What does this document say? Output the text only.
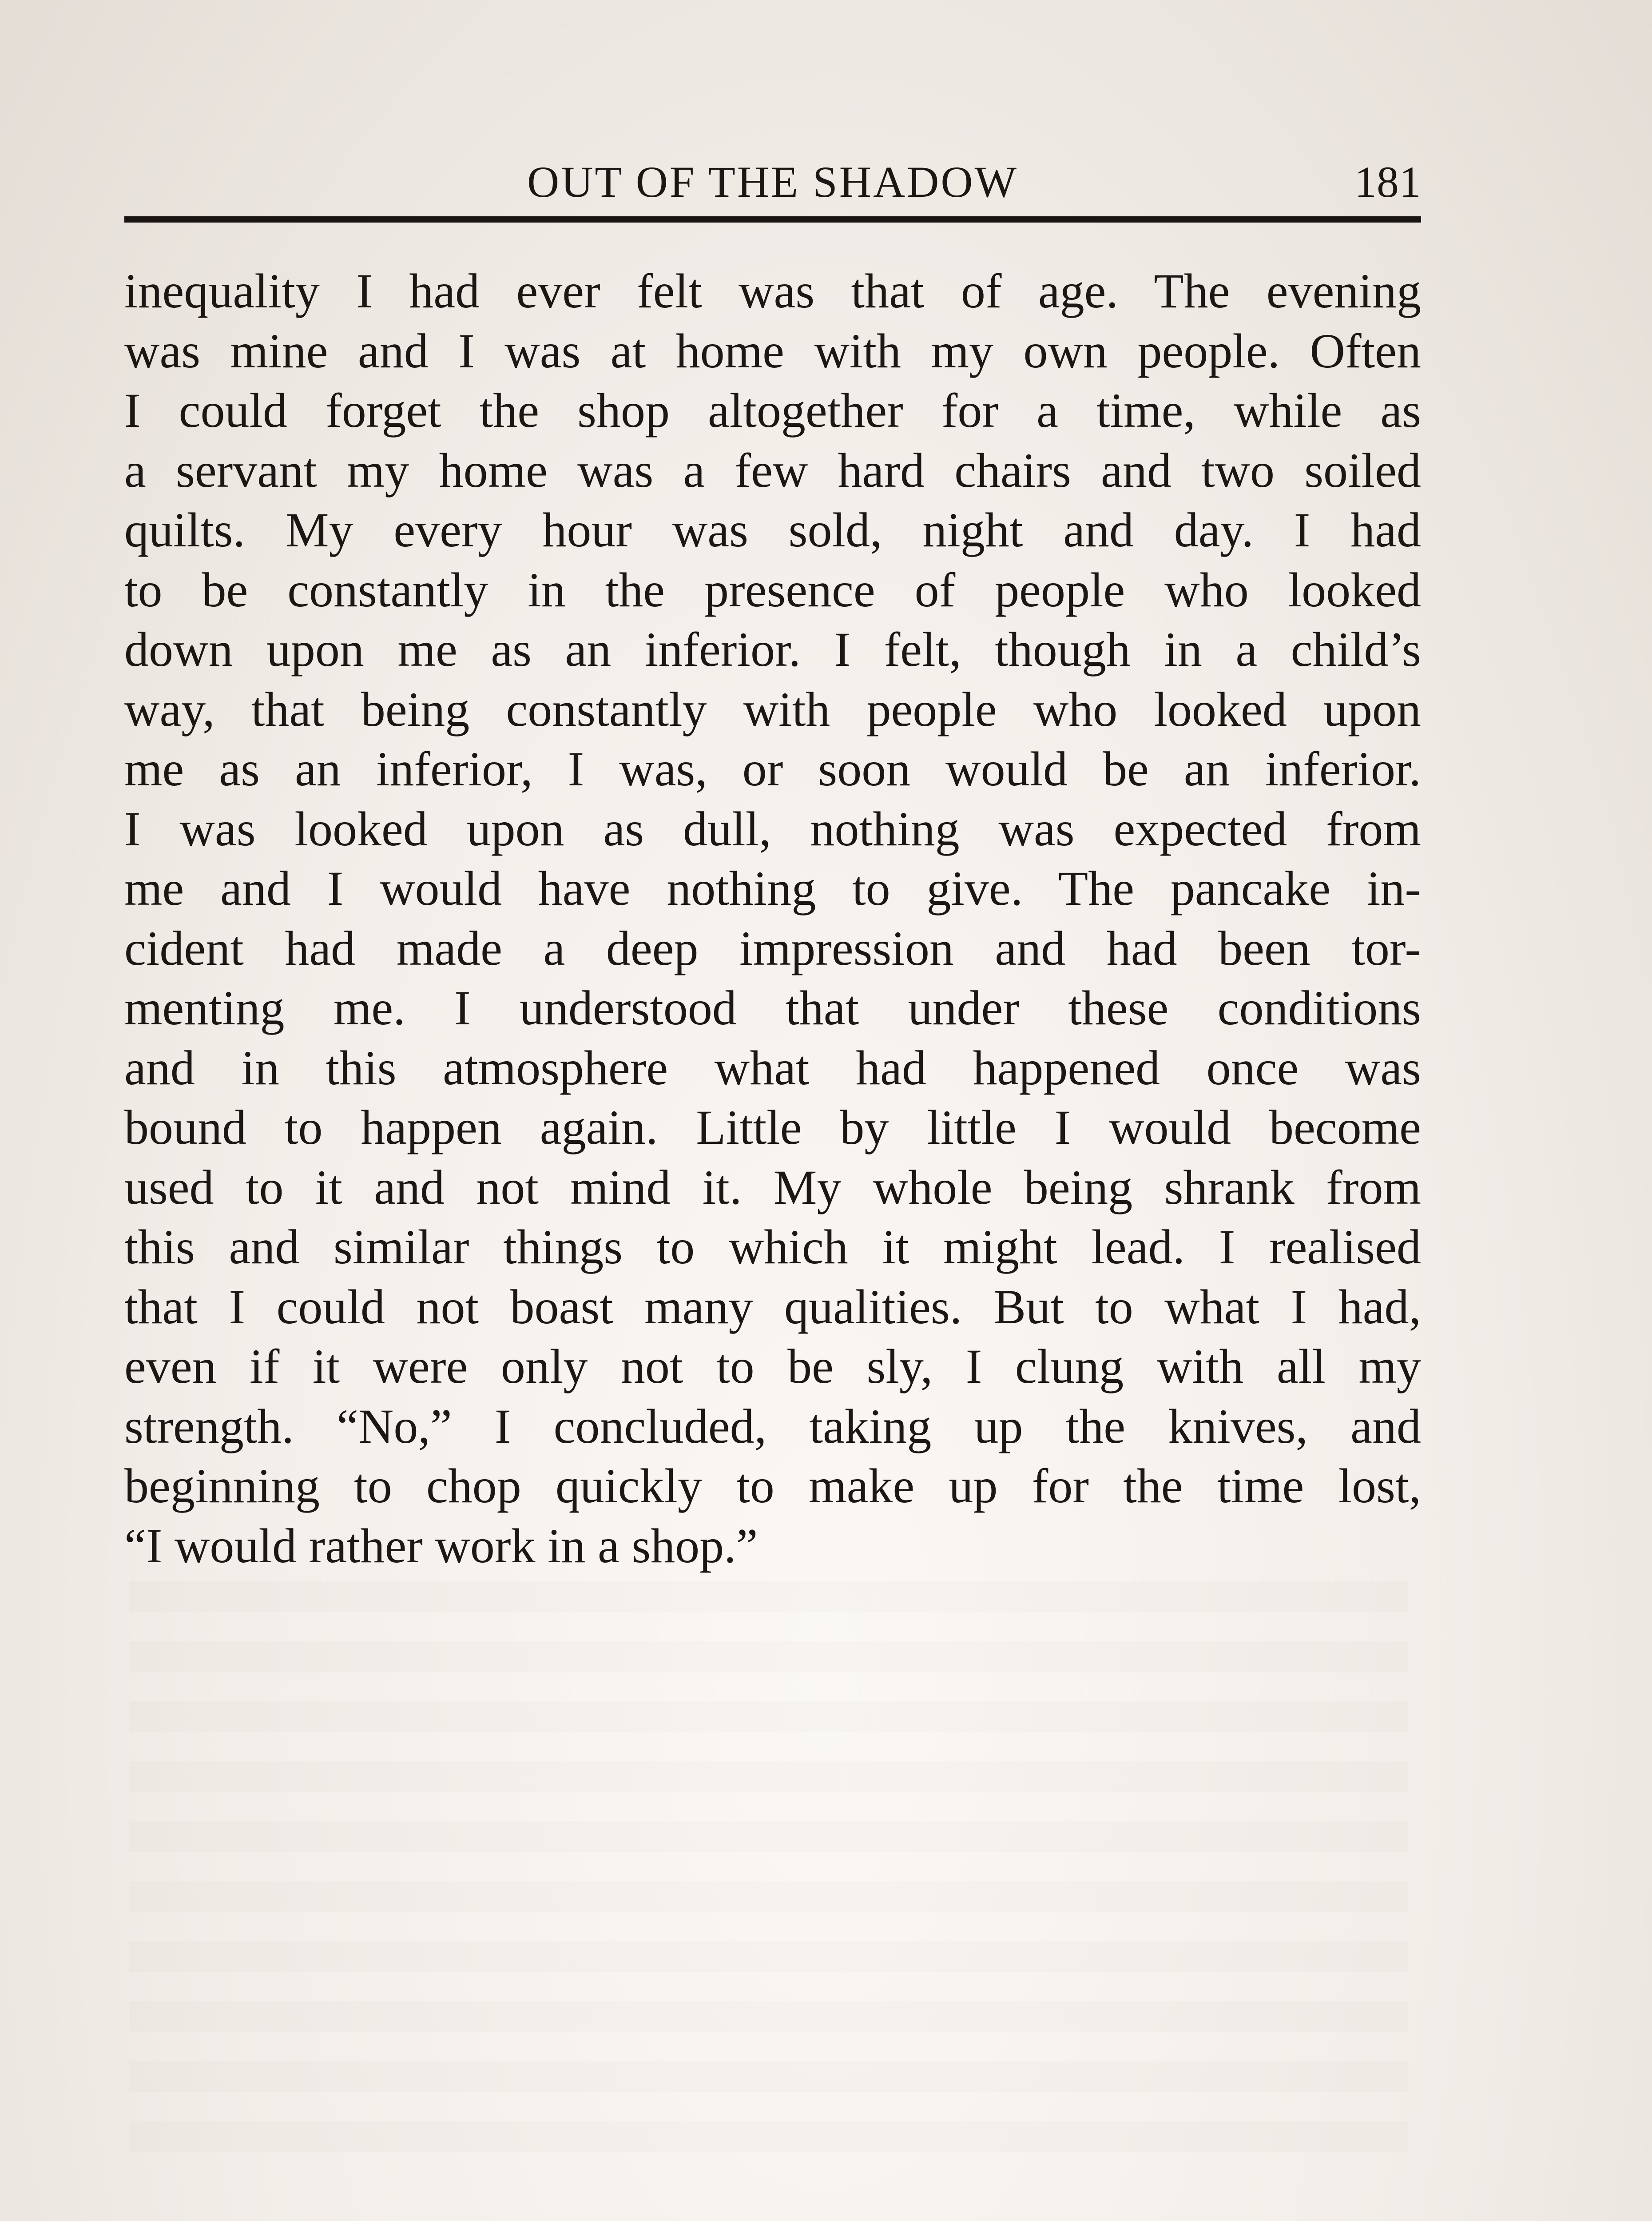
OUT OF THE SHADOW	181
inequality I had ever felt was that of age. The evening
was mine and I was at home with my own people. Often
I could forget the shop altogether for a time, while as
a servant my home was a few hard chairs and two soiled
quilts. My every hour was sold, night and day. I had
to be constantly in the presence of people who looked
down upon me as an inferior. I felt, though in a child’s
way, that being constantly with people who looked upon
me as an inferior, I was, or soon would be an inferior.
I was looked upon as dull, nothing was expected from
me and I would have nothing to give. The pancake in-
cident had made a deep impression and had been tor-
menting me. I understood that under these conditions
and in this atmosphere what had happened once was
bound to happen again. Little by little I would become
used to it and not mind it. My whole being shrank from
this and similar things to which it might lead. I realised
that I could not boast many qualities. But to what I had,
even if it were only not to be sly, I clung with all my
strength. “No,” I concluded, taking up the knives, and
beginning to chop quickly to make up for the time lost,
“I would rather work in a shop.”
